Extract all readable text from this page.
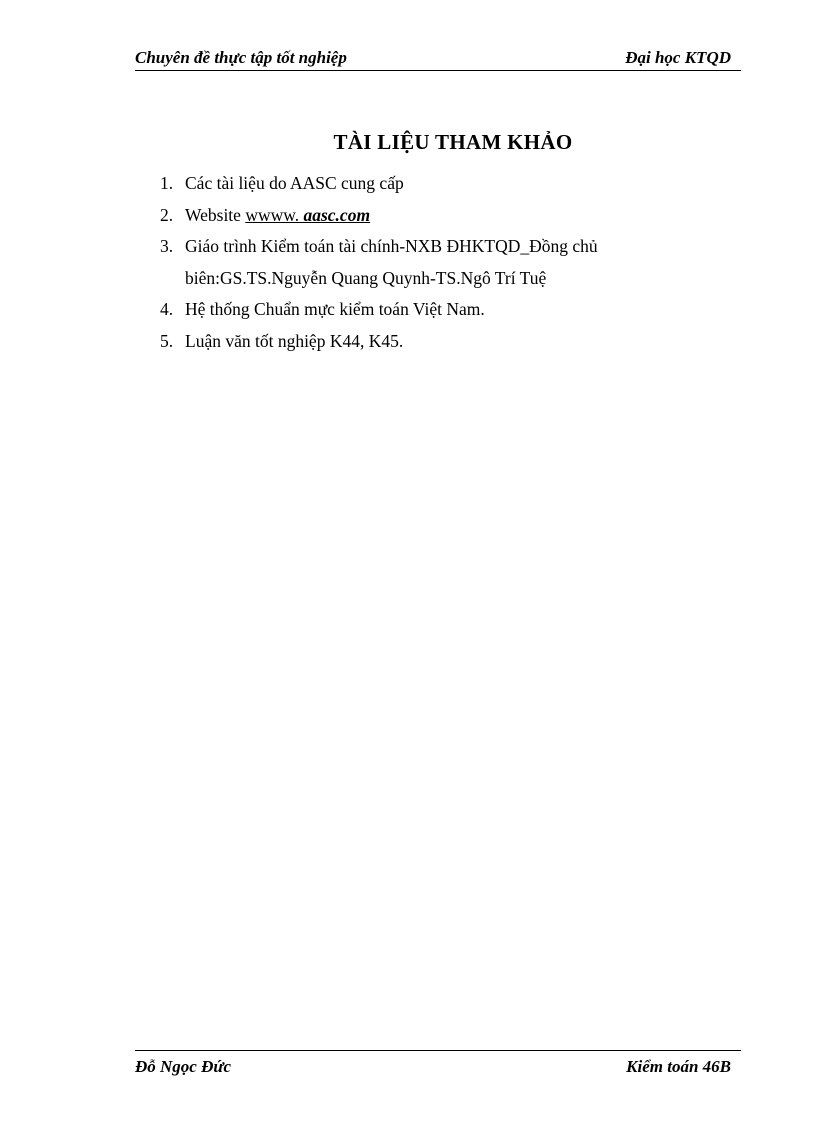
Chuyên đề thực tập tốt nghiệp	Đại học KTQD
TÀI LIỆU THAM KHẢO
1. Các tài liệu do AASC cung cấp
2. Website wwww. aasc.com
3. Giáo trình Kiểm toán tài chính-NXB ĐHKTQD_Đồng chủ biên:GS.TS.Nguyễn Quang Quynh-TS.Ngô Trí Tuệ
4. Hệ thống Chuẩn mực kiểm toán Việt Nam.
5. Luận văn tốt nghiệp K44, K45.
Đỗ Ngọc Đức	Kiểm toán 46B
